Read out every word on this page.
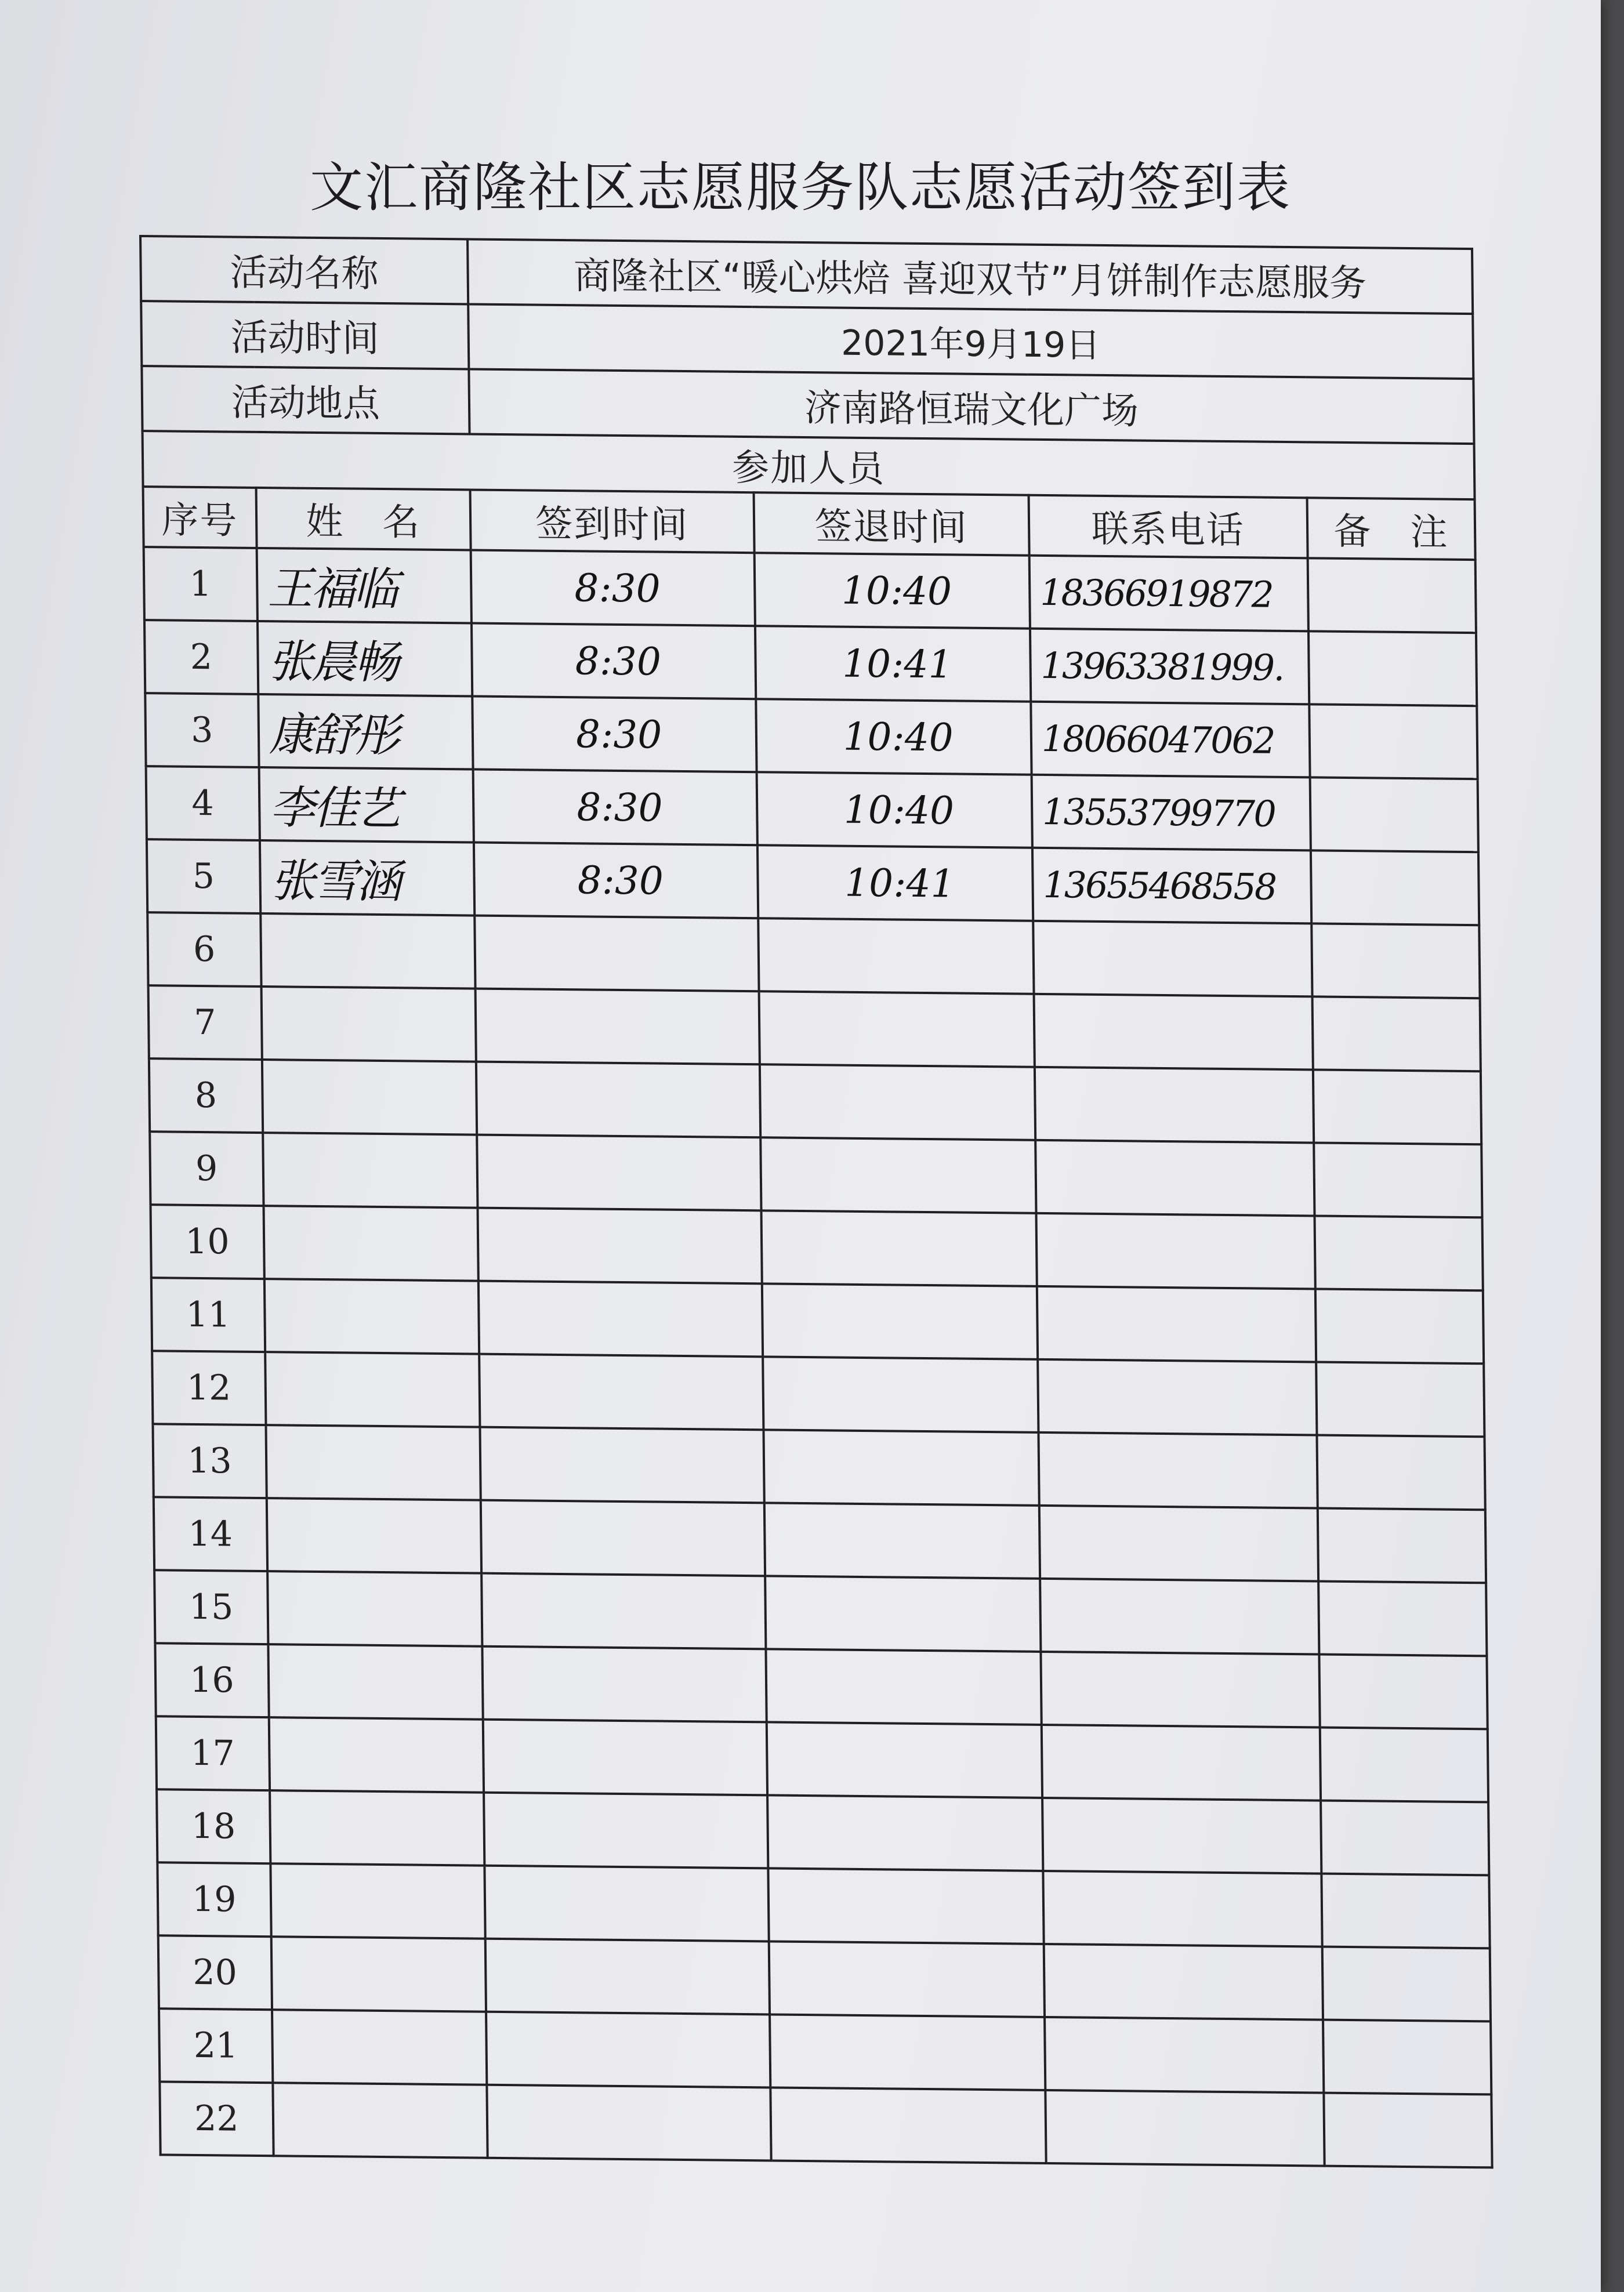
文汇商隆社区志愿服务队志愿活动签到表
活动名称		商隆社区“暖心烘焙 喜迎双节”月饼制作志愿服务			
活动时间		2021年9月19日			
活动地点		济南路恒瑞文化广场			
参加人员					
序号	姓　名	签到时间	签退时间	联系电话	备　注
1	王福临	8:30	10:40	18366919872	
2	张晨畅	8:30	10:41	13963381999.	
3	康舒彤	8:30	10:40	18066047062	
4	李佳艺	8:30	10:40	13553799770	
5	张雪涵	8:30	10:41	13655468558	
6					
7					
8					
9					
10					
11					
12					
13					
14					
15					
16					
17					
18					
19					
20					
21					
22					
